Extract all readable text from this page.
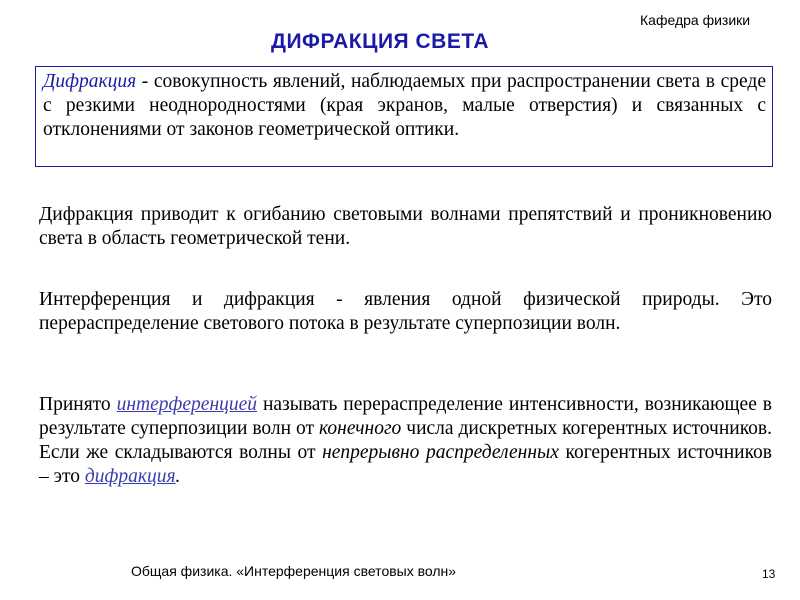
Кафедра физики
ДИФРАКЦИЯ СВЕТА
Дифракция - совокупность явлений, наблюдаемых при распространении света в среде с резкими неоднородностями (края экранов, малые отверстия) и связанных с отклонениями от законов геометрической оптики.
Дифракция приводит к огибанию световыми волнами препятствий и проникновению света в область геометрической тени.
Интерференция и дифракция - явления одной физической природы. Это перераспределение светового потока в результате суперпозиции волн.
Принято интерференцией называть перераспределение интенсивности, возникающее в результате суперпозиции волн от конечного числа дискретных когерентных источников. Если же складываются волны от непрерывно распределенных когерентных источников – это дифракция.
Общая физика. «Интерференция световых волн»	13
